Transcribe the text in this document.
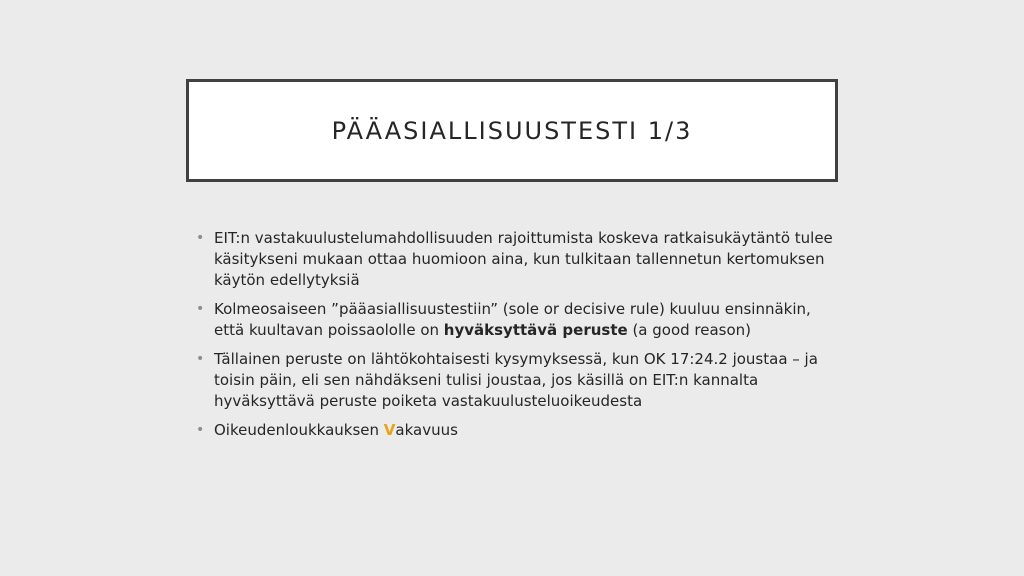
PÄÄASIALLISUUSTESTI 1/3
• EIT:n vastakuulustelumahdollisuuden rajoittumista koskeva ratkaisukäytäntö tulee käsitykseni mukaan ottaa huomioon aina, kun tulkitaan tallennetun kertomuksen käytön edellytyksiä
• Kolmeosaiseen ”pääasiallisuustestiin” (sole or decisive rule) kuuluu ensinnäkin, että kuultavan poissaololle on hyväksyttävä peruste (a good reason)
• Tällainen peruste on lähtökohtaisesti kysymyksessä, kun OK 17:24.2 joustaa – ja toisin päin, eli sen nähdäkseni tulisi joustaa, jos käsillä on EIT:n kannalta hyväksyttävä peruste poiketa vastakuulusteluoikeudesta
• Oikeudenloukkauksen Vakavuus
